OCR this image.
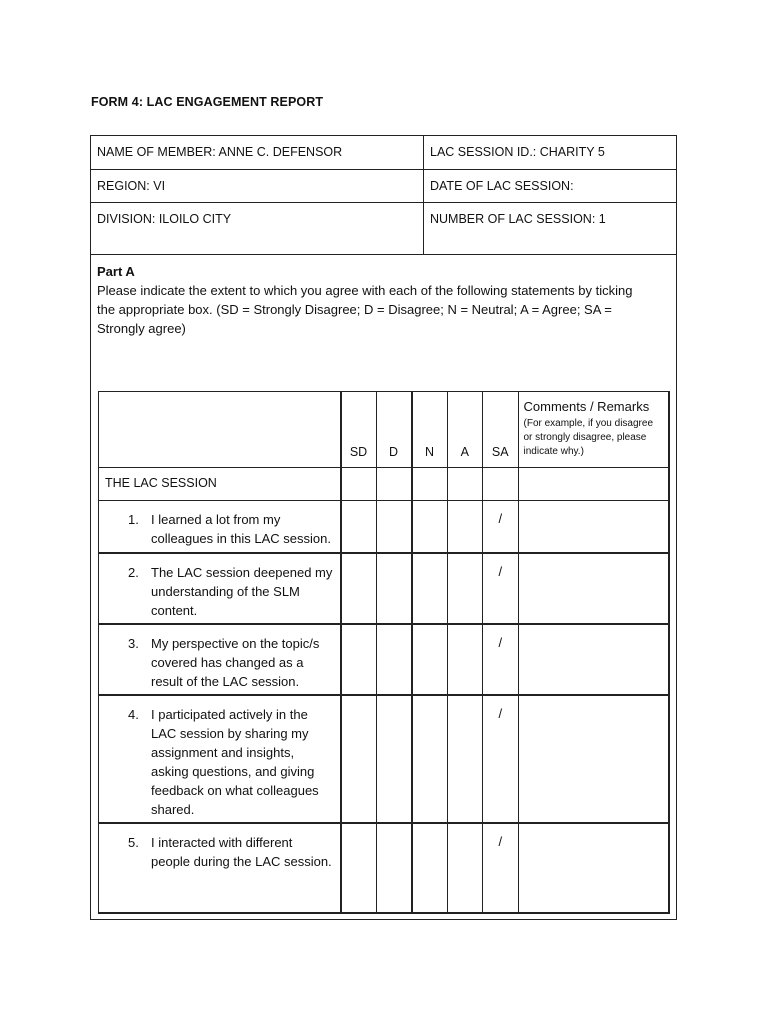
FORM 4: LAC ENGAGEMENT REPORT
NAME OF MEMBER: ANNE C. DEFENSOR	LAC SESSION ID.: CHARITY 5
REGION: VI	DATE OF LAC SESSION:
DIVISION: ILOILO CITY	NUMBER OF LAC SESSION: 1
Part A
Please indicate the extent to which you agree with each of the following statements by ticking
the appropriate box. (SD = Strongly Disagree; D = Disagree; N = Neutral; A = Agree; SA = Strongly agree)
	SD	D	N	A	SA	Comments / Remarks
(For example, if you disagree or strongly disagree, please indicate why.)

THE LAC SESSION						

1. I learned a lot from my colleagues in this LAC session.					/	

2. The LAC session deepened my understanding of the SLM content.					/	

3. My perspective on the topic/s covered has changed as a result of the LAC session.					/	

4. I participated actively in the LAC session by sharing my assignment and insights, asking questions, and giving feedback on what colleagues shared.					/	

5. I interacted with different people during the LAC session.					/	
